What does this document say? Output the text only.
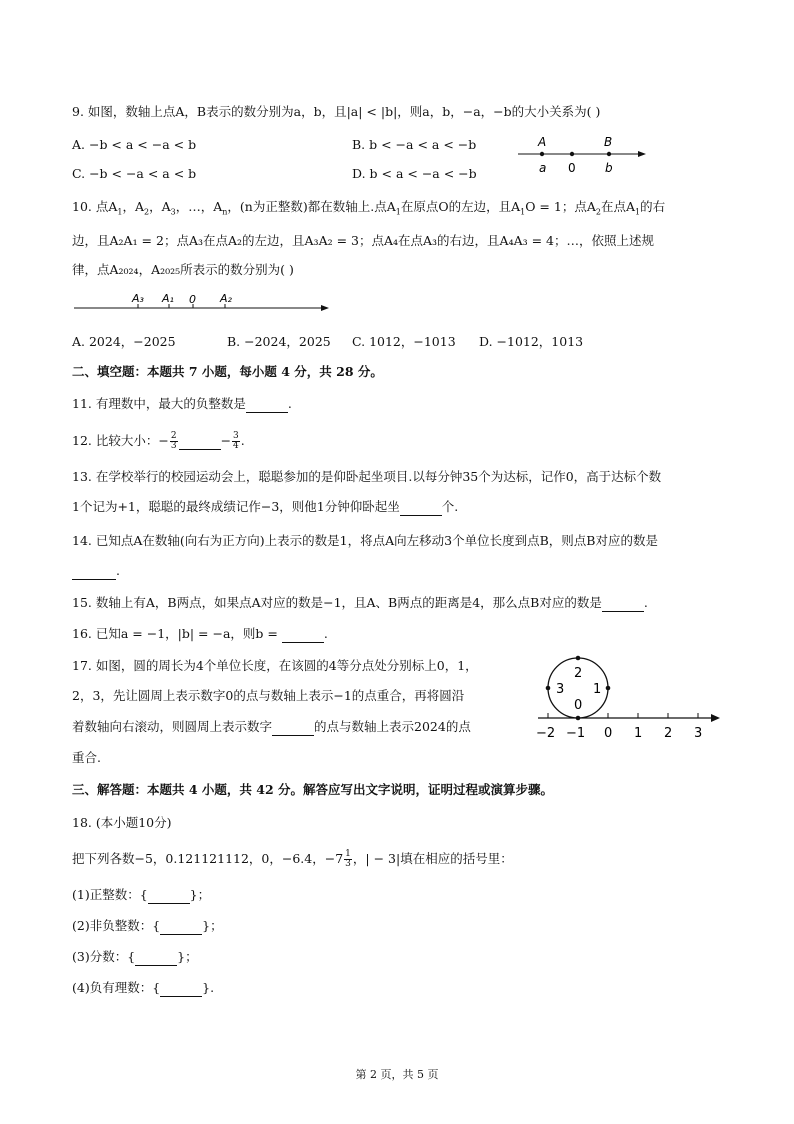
9. 如图，数轴上点A，B表示的数分别为a，b，且|a| < |b|，则a，b，−a，−b的大小关系为( )
A. −b < a < −a < b	B. b < −a < a < −b
C. −b < −a < a < b	D. b < a < −a < −b
A	B
a 0 b
10. 点$A_1$，$A_2$，$A_3$，…，$A_n$，(n为正整数)都在数轴上.点$A_1$在原点O的左边，且$A_1O = 1$；点$A_2$在点$A_1$的右
边，且A₂A₁ = 2；点A₃在点A₂的左边，且A₃A₂ = 3；点A₄在点A₃的右边，且A₄A₃ = 4；…，依照上述规
律，点A₂₀₂₄，A₂₀₂₅所表示的数分别为( )
A₃ A₁ 0 A₂
A. 2024，−2025	B. −2024，2025 C. 1012，−1013 D. −1012，1013
二、填空题：本题共 7 小题，每小题 4 分，共 28 分。
11. 有理数中，最大的负整数是	.
12. 比较大小：− $\frac{2}{3}$	− $\frac{3}{4}$ .
13. 在学校举行的校园运动会上，聪聪参加的是仰卧起坐项目.以每分钟35个为达标，记作0，高于达标个数
1个记为+1，聪聪的最终成绩记作−3，则他1分钟仰卧起坐	个.
14. 已知点A在数轴(向右为正方向)上表示的数是1，将点A向左移动3个单位长度到点B，则点B对应的数是
.
15. 数轴上有A，B两点，如果点A对应的数是−1，且A、B两点的距离是4，那么点B对应的数是	.
16. 已知a = −1，|b| = −a，则b =	.
17. 如图，圆的周长为4个单位长度，在该圆的4等分点处分别标上0，1，
2，3，先让圆周上表示数字0的点与数轴上表示−1的点重合，再将圆沿
着数轴向右滚动，则圆周上表示数字	的点与数轴上表示2024的点
重合.
2
3 1
0
−2 −1 0 1 2 3
三、解答题：本题共 4 小题，共 42 分。解答应写出文字说明，证明过程或演算步骤。
18. (本小题10分)
把下列各数−5，0.121121112，0，−6.4，$-7 \frac{1}{3}$ ，| − 3|填在相应的括号里：
(1)正整数：{	}；
(2)非负整数：{	}；
(3)分数：{	}；
(4)负有理数：{	}.
第 2 页，共 5 页
